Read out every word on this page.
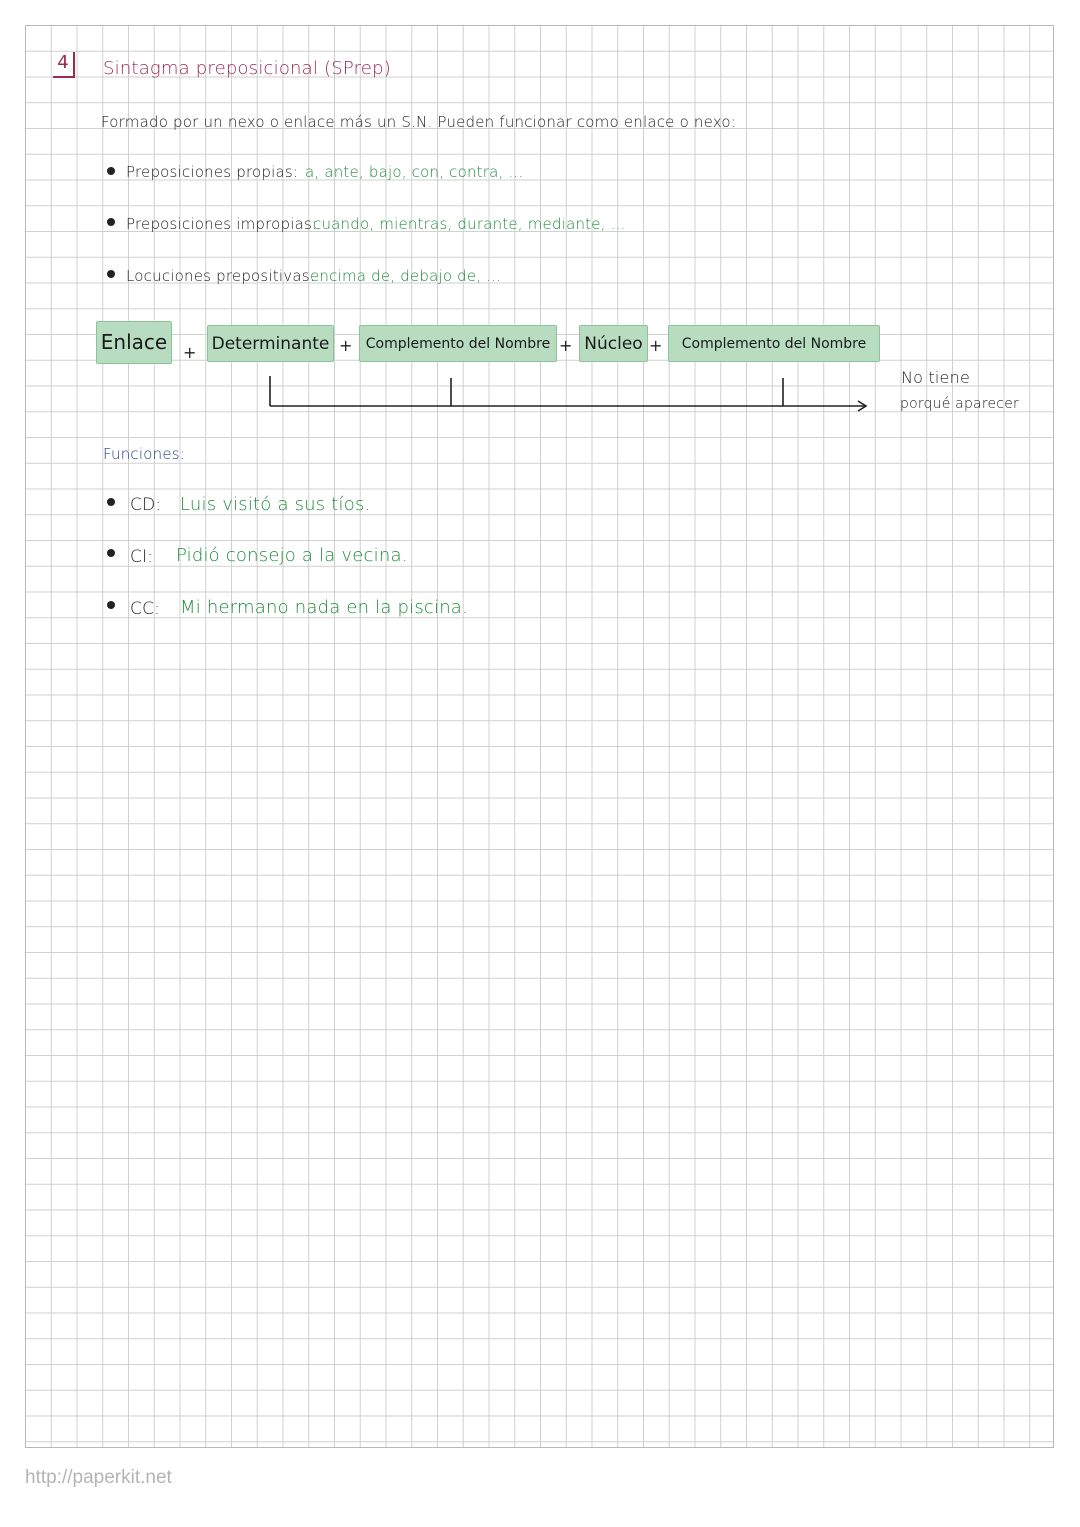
4	Sintagma preposicional (SPrep)
Formado por un nexo o enlace más un S.N. Pueden funcionar como enlace o nexo:
Preposiciones propias: a, ante, bajo, con, contra, ...
Preposiciones impropias:
cuando, mientras, durante, mediante, ...
Locuciones prepositivas:
encima de, debajo de, ...
Enlace + Determinante + Complemento del Nombre + Núcleo +	Complemento del Nombre
No tiene
porqué aparecer
Funciones:
CD: Luis visitó a sus tíos.
CI: Pidió consejo a la vecina.
CC: Mi hermano nada en la piscina.
http://paperkit.net
